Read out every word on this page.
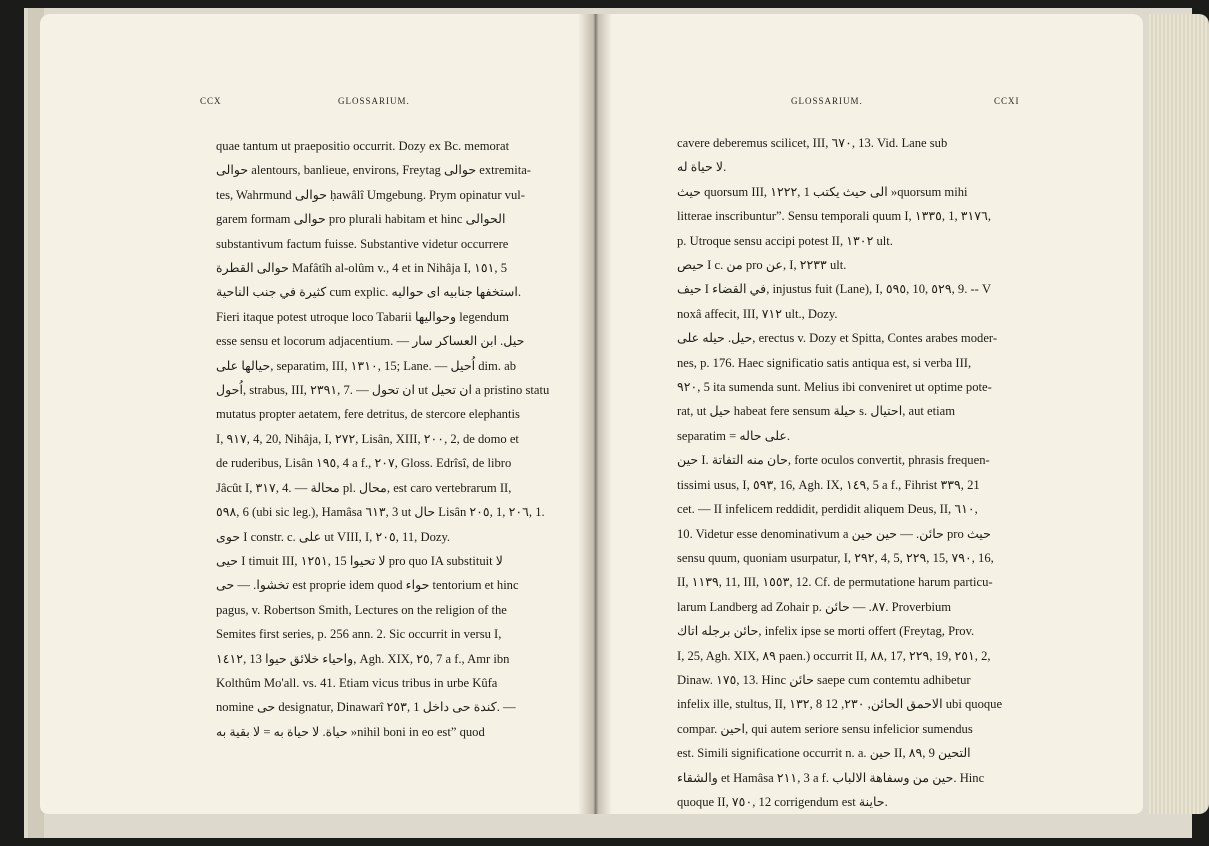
CCX	GLOSSARIUM.
quae tantum ut praepositio occurrit. Dozy ex Bc. memorat
حوالى alentours, banlieue, environs, Freytag حوالى extremita-
tes, Wahrmund حوالى ḥawâlî Umgebung. Prym opinatur vul-
garem formam حوالى pro plurali habitam et hinc الحوالى
substantivum factum fuisse. Substantive videtur occurrere
حوالى القطرة Mafâtîh al-olûm v., 4 et in Nihâja I, ١٥١, 5
كثيرة في جنب الناحية cum explic. استخفها جنابيه اى حواليه.
Fieri itaque potest utroque loco Tabarii وحواليها legendum
esse sensu et locorum adjacentium. — حيل. ابن العساكر سار
حيالها على, separatim, III, ١٣١٠, 15; Lane. — اُحيل dim. ab
اُحول, strabus, III, ٢٣٩١, 7. — ان تحول ut ان تحيل a pristino statu
mutatus propter aetatem, fere detritus, de stercore elephantis
I, ٩١٧, 4, 20, Nihâja, I, ٢٧٢, Lisân, XIII, ٢٠٠, 2, de domo et
de ruderibus, Lisân ١٩٥, 4 a f., ٢٠٧, Gloss. Edrîsî, de libro
Jâcût I, ٣١٧, 4. — محالة pl. محال, est caro vertebrarum II,
٥٩٨, 6 (ubi sic leg.), Hamâsa ٦١٣, 3 ut حال Lisân ٢٠٥, 1, ٢٠٦, 1.
حوى I constr. c. على ut VIII, I, ٢٠٥, 11, Dozy.
حيى I timuit III, ١٢٥١, 15 لا تحيوا pro quo IA substituit لا
تخشوا. — حى est proprie idem quod حواء tentorium et hinc
pagus, v. Robertson Smith, Lectures on the religion of the
Semites first series, p. 256 ann. 2. Sic occurrit in versu I,
١٤١٢, 13 واحياء خلائق حيوا, Agh. XIX, ٢٥, 7 a f., Amr ibn
Kolthûm Mo'all. vs. 41. Etiam vicus tribus in urbe Kûfa
nomine حى designatur, Dinawarî ٢٥٣, 1 كندة حى داخل. —
حياة. لا حياة به = لا بقية به »nihil boni in eo est” quod
GLOSSARIUM.	CCXI
cavere deberemus scilicet, III, ٦٧٠, 13. Vid. Lane sub
لا حياة له.
حيث quorsum III, ١٢٢٢, 1 الى حيث يكتب »quorsum mihi
litterae inscribuntur”. Sensu temporali quum I, ١٣٣٥, 1, ٣١٧٦,
p. Utroque sensu accipi potest II, ١٣٠٢ ult.
حيص I c. من pro عن, I, ٢٢٣٣ ult.
حيف I في القضاء, injustus fuit (Lane), I, ٥٩٥, 10, ٥٢٩, 9. -- V
noxâ affecit, III, ٧١٢ ult., Dozy.
حيل. حيله على, erectus v. Dozy et Spitta, Contes arabes moder-
nes, p. 176. Haec significatio satis antiqua est, si verba III,
٩٢٠, 5 ita sumenda sunt. Melius ibi conveniret ut optime pote-
rat, ut حيل habeat fere sensum حيلة s. احتيال, aut etiam
separatim = على حاله.
حين I. حان منه التفاتة, forte oculos convertit, phrasis frequen-
tissimi usus, I, ٥٩٣, 16, Agh. IX, ١٤٩, 5 a f., Fihrist ٣٣٩, 21
cet. — II infelicem reddidit, perdidit aliquem Deus, II, ٦١٠,
10. Videtur esse denominativum a حائن. — حين حين pro حيث
sensu quum, quoniam usurpatur, I, ٢٩٢, 4, 5, ٢٢٩, 15, ٧٩٠, 16,
II, ١١٣٩, 11, III, ١٥٥٣, 12. Cf. de permutatione harum particu-
larum Landberg ad Zohair p. ٨٧. — حائن. Proverbium
حائن برجله اتاك, infelix ipse se morti offert (Freytag, Prov.
I, 25, Agh. XIX, ٨٩ paen.) occurrit II, ٨٨, 17, ٢٢٩, 19, ٢٥١, 2,
Dinaw. ١٧٥, 13. Hinc حائن saepe cum contemtu adhibetur
infelix ille, stultus, II, ١٣٢, 8 الاحمق الحائن, ٢٣٠, 12 ubi quoque
compar. احين, qui autem seriore sensu infelicior sumendus
est. Simili significatione occurrit n. a. حين II, ٨٩, 9 التحين
والشقاء et Hamâsa ٢١١, 3 a f. حين من وسفاهة الالباب. Hinc
quoque II, ٧٥٠, 12 corrigendum est حاينة.
